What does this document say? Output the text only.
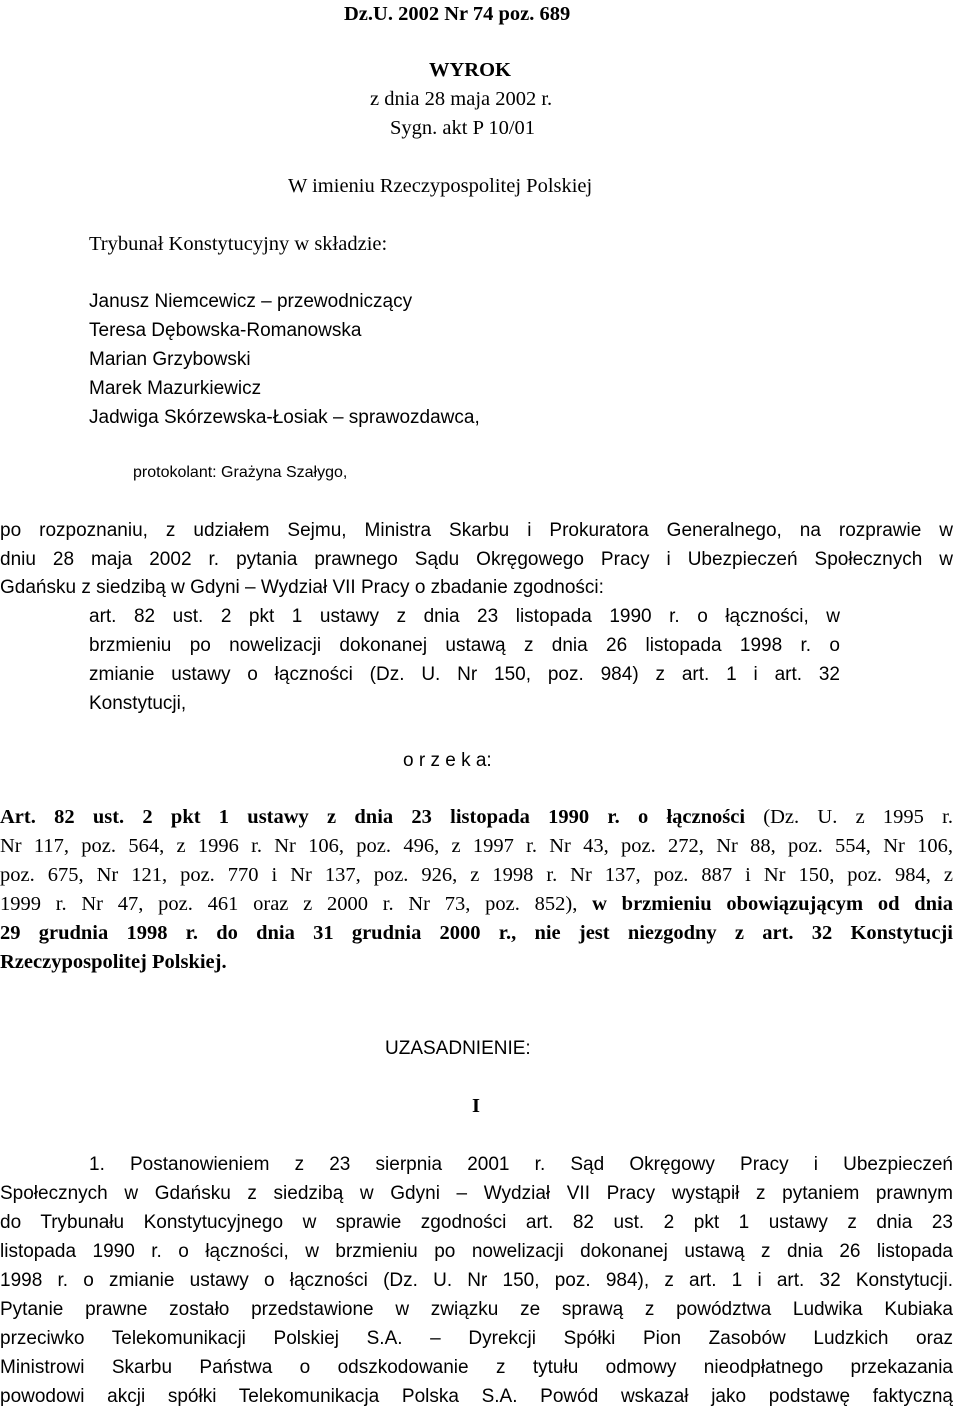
Dz.U. 2002 Nr 74 poz. 689
WYROK
z dnia 28 maja 2002 r.
Sygn. akt P 10/01
W imieniu Rzeczypospolitej Polskiej
Trybunał Konstytucyjny w składzie:
Janusz Niemcewicz – przewodniczący
Teresa Dębowska-Romanowska
Marian Grzybowski
Marek Mazurkiewicz
Jadwiga Skórzewska-Łosiak – sprawozdawca,
protokolant: Grażyna Szałygo,
po rozpoznaniu, z udziałem Sejmu, Ministra Skarbu i Prokuratora Generalnego, na rozprawie w
dniu 28 maja 2002 r. pytania prawnego Sądu Okręgowego Pracy i Ubezpieczeń Społecznych w
Gdańsku z siedzibą w Gdyni – Wydział VII Pracy o zbadanie zgodności:
art. 82 ust. 2 pkt 1 ustawy z dnia 23 listopada 1990 r. o łączności, w
brzmieniu po nowelizacji dokonanej ustawą z dnia 26 listopada 1998 r. o
zmianie ustawy o łączności (Dz. U. Nr 150, poz. 984) z art. 1 i art. 32
Konstytucji,
o r z e k a:
Art. 82 ust. 2 pkt 1 ustawy z dnia 23 listopada 1990 r. o łączności (Dz. U. z 1995 r.
Nr 117, poz. 564, z 1996 r. Nr 106, poz. 496, z 1997 r. Nr 43, poz. 272, Nr 88, poz. 554, Nr 106,
poz. 675, Nr 121, poz. 770 i Nr 137, poz. 926, z 1998 r. Nr 137, poz. 887 i Nr 150, poz. 984, z
1999 r. Nr 47, poz. 461 oraz z 2000 r. Nr 73, poz. 852), w brzmieniu obowiązującym od dnia
29 grudnia 1998 r. do dnia 31 grudnia 2000 r., nie jest niezgodny z art. 32 Konstytucji
Rzeczypospolitej Polskiej.
UZASADNIENIE:
I
1. Postanowieniem z 23 sierpnia 2001 r. Sąd Okręgowy Pracy i Ubezpieczeń
Społecznych w Gdańsku z siedzibą w Gdyni – Wydział VII Pracy wystąpił z pytaniem prawnym
do Trybunału Konstytucyjnego w sprawie zgodności art. 82 ust. 2 pkt 1 ustawy z dnia 23
listopada 1990 r. o łączności, w brzmieniu po nowelizacji dokonanej ustawą z dnia 26 listopada
1998 r. o zmianie ustawy o łączności (Dz. U. Nr 150, poz. 984), z art. 1 i art. 32 Konstytucji.
Pytanie prawne zostało przedstawione w związku ze sprawą z powództwa Ludwika Kubiaka
przeciwko Telekomunikacji Polskiej S.A. – Dyrekcji Spółki Pion Zasobów Ludzkich oraz
Ministrowi Skarbu Państwa o odszkodowanie z tytułu odmowy nieodpłatnego przekazania
powodowi akcji spółki Telekomunikacja Polska S.A. Powód wskazał jako podstawę faktyczną
